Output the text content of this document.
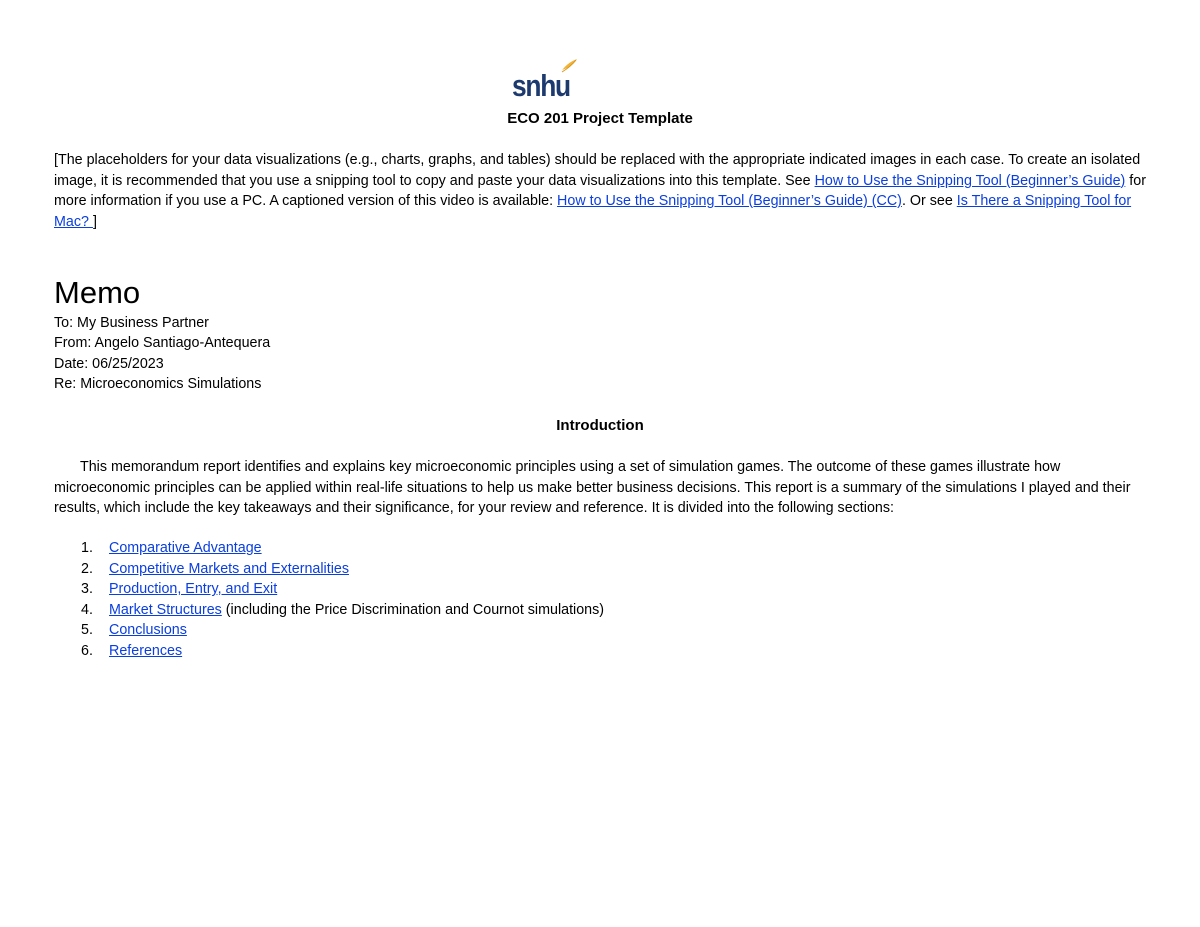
snhu
ECO 201 Project Template
[The placeholders for your data visualizations (e.g., charts, graphs, and tables) should be replaced with the appropriate indicated images in each case. To create an isolated image, it is recommended that you use a snipping tool to copy and paste your data visualizations into this template. See How to Use the Snipping Tool (Beginner’s Guide) for more information if you use a PC. A captioned version of this video is available: How to Use the Snipping Tool (Beginner’s Guide) (CC). Or see Is There a Snipping Tool for Mac? ]
Memo
To: My Business Partner
From: Angelo Santiago-Antequera
Date: 06/25/2023
Re: Microeconomics Simulations
Introduction
This memorandum report identifies and explains key microeconomic principles using a set of simulation games. The outcome of these games illustrate how microeconomic principles can be applied within real-life situations to help us make better business decisions. This report is a summary of the simulations I played and their results, which include the key takeaways and their significance, for your review and reference. It is divided into the following sections:
1.	Comparative Advantage
2.	Competitive Markets and Externalities
3.	Production, Entry, and Exit
4.	Market Structures (including the Price Discrimination and Cournot simulations)
5.	Conclusions
6.	References
